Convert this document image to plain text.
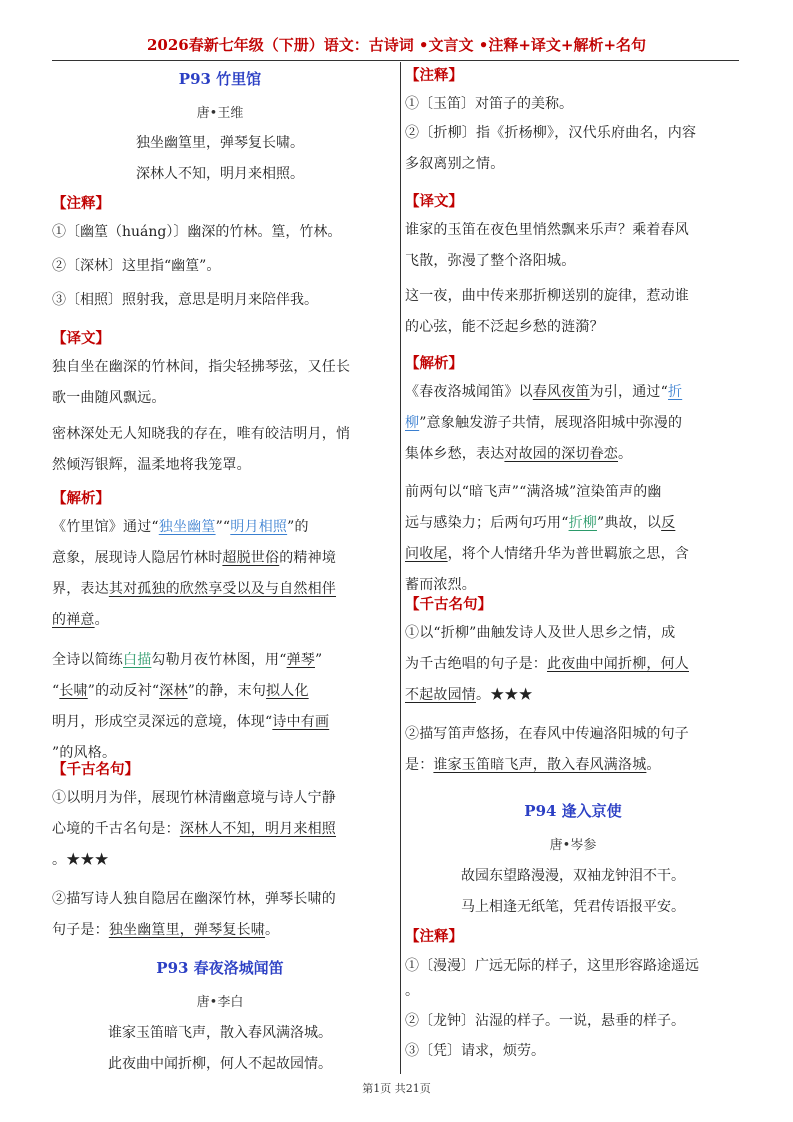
2026春新七年级（下册）语文：古诗词 •文言文 •注释+译文+解析+名句
P93 竹里馆
唐•王维
独坐幽篁里，弹琴复长啸。
深林人不知，明月来相照。
【注释】
①〔幽篁（huáng）〕幽深的竹林。篁，竹林。
②〔深林〕这里指“幽篁”。
③〔相照〕照射我，意思是明月来陪伴我。
【译文】
独自坐在幽深的竹林间，指尖轻拂琴弦，又任长
歌一曲随风飘远。
密林深处无人知晓我的存在，唯有皎洁明月，悄
然倾泻银辉，温柔地将我笼罩。
【解析】
《竹里馆》通过“独坐幽篁”“明月相照”的
意象，展现诗人隐居竹林时超脱世俗的精神境
界，表达其对孤独的欣然享受以及与自然相伴
的禅意。
全诗以简练白描勾勒月夜竹林图，用“弹琴”
“长啸”的动反衬“深林”的静，末句拟人化
明月，形成空灵深远的意境，体现“诗中有画
”的风格。
【千古名句】
①以明月为伴，展现竹林清幽意境与诗人宁静
心境的千古名句是：深林人不知，明月来相照
。★★★
②描写诗人独自隐居在幽深竹林，弹琴长啸的
句子是：独坐幽篁里，弹琴复长啸。
P93 春夜洛城闻笛
唐•李白
谁家玉笛暗飞声，散入春风满洛城。
此夜曲中闻折柳，何人不起故园情。
【注释】
①〔玉笛〕对笛子的美称。
②〔折柳〕指《折杨柳》，汉代乐府曲名，内容
多叙离别之情。
【译文】
谁家的玉笛在夜色里悄然飘来乐声？乘着春风
飞散，弥漫了整个洛阳城。
这一夜，曲中传来那折柳送别的旋律，惹动谁
的心弦，能不泛起乡愁的涟漪？
【解析】
《春夜洛城闻笛》以春风夜笛为引，通过“折
柳”意象触发游子共情，展现洛阳城中弥漫的
集体乡愁，表达对故园的深切眷恋。
前两句以“暗飞声”“满洛城”渲染笛声的幽
远与感染力；后两句巧用“折柳”典故，以反
问收尾，将个人情绪升华为普世羁旅之思，含
蓄而浓烈。
【千古名句】
①以“折柳”曲触发诗人及世人思乡之情，成
为千古绝唱的句子是：此夜曲中闻折柳，何人
不起故园情。★★★
②描写笛声悠扬，在春风中传遍洛阳城的句子
是：谁家玉笛暗飞声，散入春风满洛城。
P94 逢入京使
唐•岑参
故园东望路漫漫，双袖龙钟泪不干。
马上相逢无纸笔，凭君传语报平安。
【注释】
①〔漫漫〕广远无际的样子，这里形容路途遥远
。
②〔龙钟〕沾湿的样子。一说，悬垂的样子。
③〔凭〕请求，烦劳。
第1页 共21页
